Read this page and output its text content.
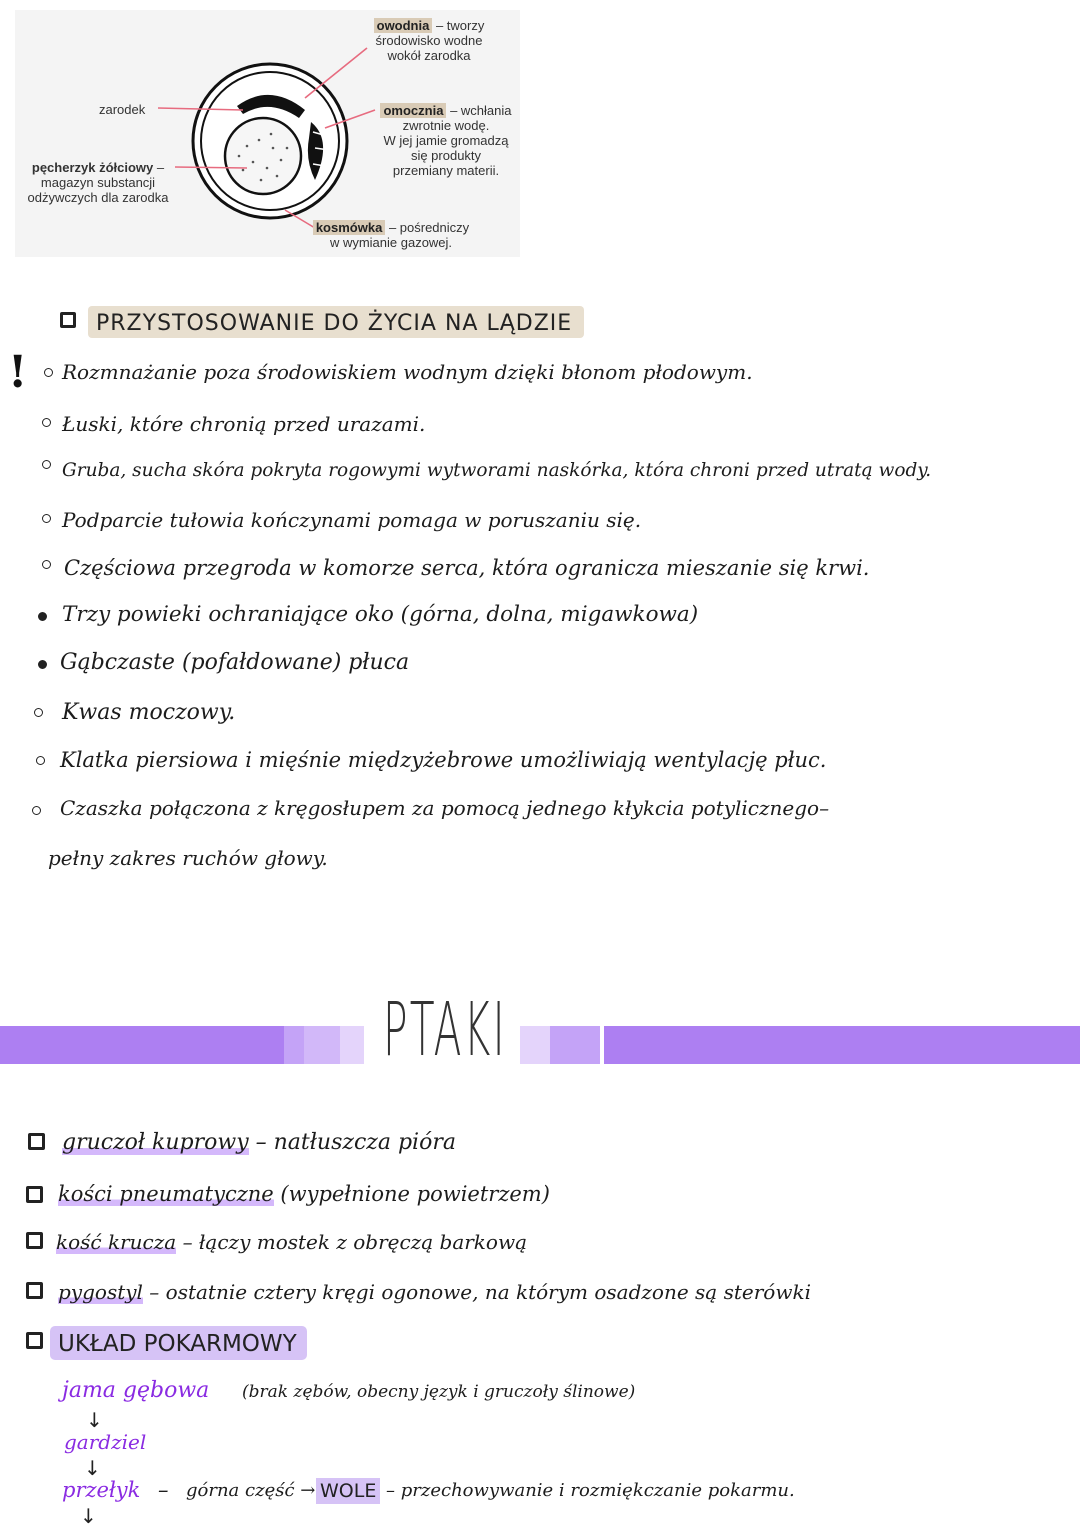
owodnia – tworzy
środowisko wodne
wokół zarodka
zarodek	omocznia – wchłania
zwrotnie wodę.
W jej jamie gromadzą
się produkty
przemiany materii.
pęcherzyk żółciowy –
magazyn substancji
odżywczych dla zarodka
kosmówka – pośredniczy
w wymianie gazowej.
PRZYSTOSOWANIE DO ŻYCIA NA LĄDZIE
! Rozmnażanie poza środowiskiem wodnym dzięki błonom płodowym.
Łuski, które chronią przed urazami.
Gruba, sucha skóra pokryta rogowymi wytworami naskórka, która chroni przed utratą wody.
Podparcie tułowia kończynami pomaga w poruszaniu się.
Częściowa przegroda w komorze serca, która ogranicza mieszanie się krwi.
Trzy powieki ochraniające oko (górna, dolna, migawkowa)
Gąbczaste (pofałdowane) płuca
Kwas moczowy.
Klatka piersiowa i mięśnie międzyżebrowe umożliwiają wentylację płuc.
Czaszka połączona z kręgosłupem za pomocą jednego kłykcia potylicznego–
pełny zakres ruchów głowy.
PTAKI
gruczoł kuprowy – natłuszcza pióra
kości pneumatyczne (wypełnione powietrzem)
kość krucza – łączy mostek z obręczą barkową
pygostyl – ostatnie cztery kręgi ogonowe, na którym osadzone są sterówki
UKŁAD POKARMOWY
jama gębowa (brak zębów, obecny język i gruczoły ślinowe)
↓
gardziel
↓
przełyk – górna część → WOLE – przechowywanie i rozmiękczanie pokarmu.
↓
